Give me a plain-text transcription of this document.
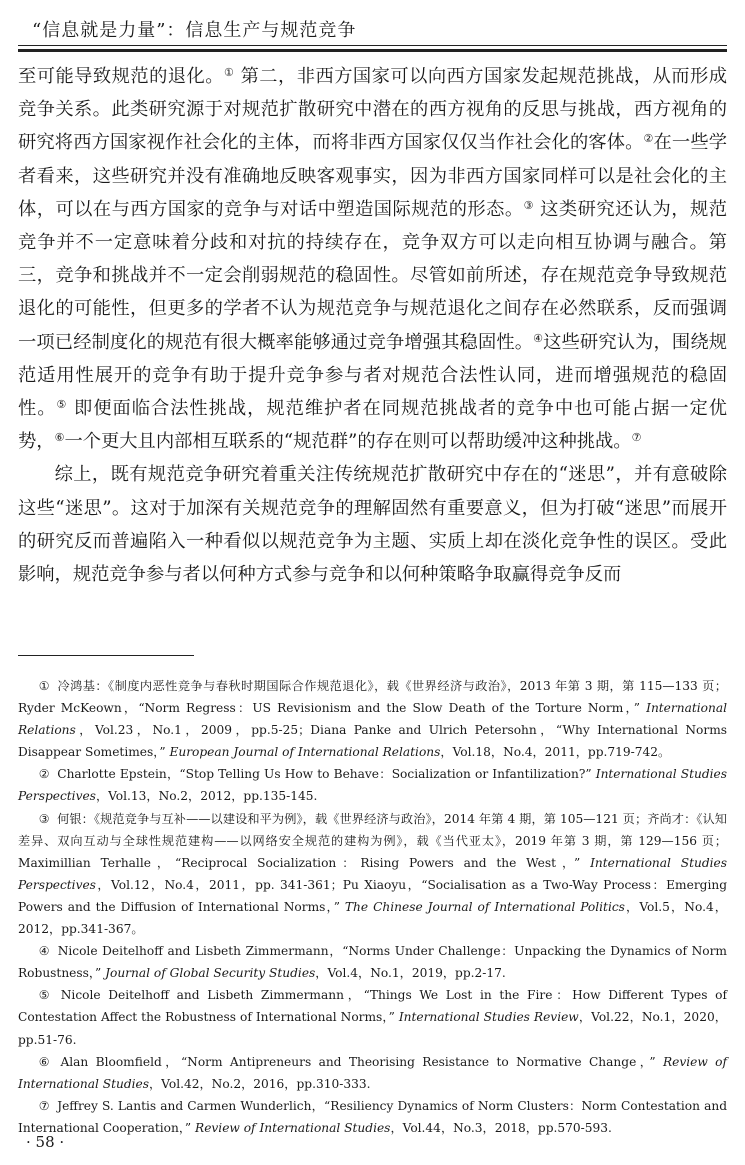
“信息就是力量”：信息生产与规范竞争

至可能导致规范的退化。① 第二，非西方国家可以向西方国家发起规范挑战，从而形成竞争关系。此类研究源于对规范扩散研究中潜在的西方视角的反思与挑战，西方视角的研究将西方国家视作社会化的主体，而将非西方国家仅仅当作社会化的客体。②在一些学者看来，这些研究并没有准确地反映客观事实，因为非西方国家同样可以是社会化的主体，可以在与西方国家的竞争与对话中塑造国际规范的形态。③ 这类研究还认为，规范竞争并不一定意味着分歧和对抗的持续存在，竞争双方可以走向相互协调与融合。第三，竞争和挑战并不一定会削弱规范的稳固性。尽管如前所述，存在规范竞争导致规范退化的可能性，但更多的学者不认为规范竞争与规范退化之间存在必然联系，反而强调一项已经制度化的规范有很大概率能够通过竞争增强其稳固性。④这些研究认为，围绕规范适用性展开的竞争有助于提升竞争参与者对规范合法性认同，进而增强规范的稳固性。⑤ 即便面临合法性挑战，规范维护者在同规范挑战者的竞争中也可能占据一定优势，⑥一个更大且内部相互联系的“规范群”的存在则可以帮助缓冲这种挑战。⑦

综上，既有规范竞争研究着重关注传统规范扩散研究中存在的“迷思”，并有意破除这些“迷思”。这对于加深有关规范竞争的理解固然有重要意义，但为打破“迷思”而展开的研究反而普遍陷入一种看似以规范竞争为主题、实质上却在淡化竞争性的误区。受此影响，规范竞争参与者以何种方式参与竞争和以何种策略争取赢得竞争反而

① 冷鸿基：《制度内恶性竞争与春秋时期国际合作规范退化》，载《世界经济与政治》，2013 年第 3 期，第 115—133 页；Ryder McKeown，“Norm Regress：US Revisionism and the Slow Death of the Torture Norm，” International Relations，Vol.23，No.1，2009，pp.5-25；Diana Panke and Ulrich Petersohn，“Why International Norms Disappear Sometimes，” European Journal of International Relations，Vol.18，No.4，2011，pp.719-742。

② Charlotte Epstein，“Stop Telling Us How to Behave：Socialization or Infantilization?” International Studies Perspectives，Vol.13，No.2，2012，pp.135-145.

③ 何银：《规范竞争与互补——以建设和平为例》，载《世界经济与政治》，2014 年第 4 期，第 105—121 页；齐尚才：《认知差异、双向互动与全球性规范建构——以网络安全规范的建构为例》，载《当代亚太》，2019 年第 3 期，第 129—156 页；Maximillian Terhalle，“Reciprocal Socialization：Rising Powers and the West，” International Studies Perspectives，Vol.12，No.4，2011，pp. 341-361；Pu Xiaoyu，“Socialisation as a Two-Way Process：Emerging Powers and the Diffusion of International Norms，” The Chinese Journal of International Politics，Vol.5，No.4，2012，pp.341-367。

④ Nicole Deitelhoff and Lisbeth Zimmermann，“Norms Under Challenge：Unpacking the Dynamics of Norm Robustness，” Journal of Global Security Studies，Vol.4，No.1，2019，pp.2-17.

⑤ Nicole Deitelhoff and Lisbeth Zimmermann，“Things We Lost in the Fire：How Different Types of Contestation Affect the Robustness of International Norms，” International Studies Review，Vol.22，No.1，2020，pp.51-76.

⑥ Alan Bloomfield，“Norm Antipreneurs and Theorising Resistance to Normative Change，” Review of International Studies，Vol.42，No.2，2016，pp.310-333.

⑦ Jeffrey S. Lantis and Carmen Wunderlich，“Resiliency Dynamics of Norm Clusters：Norm Contestation and International Cooperation，” Review of International Studies，Vol.44，No.3，2018，pp.570-593.

· 58 ·
